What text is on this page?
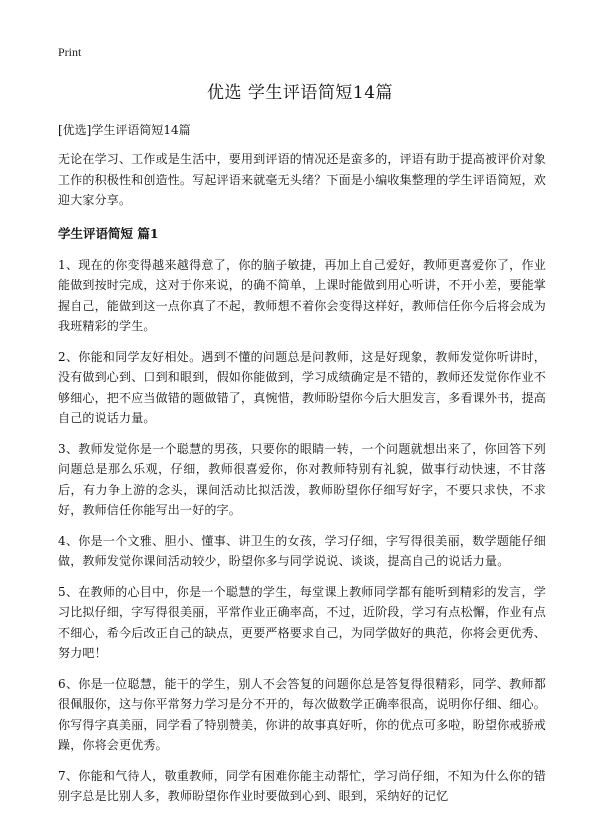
Print
优选 学生评语简短14篇

[优选]学生评语简短14篇

无论在学习、工作或是生活中，要用到评语的情况还是蛮多的，评语有助于提高被评价对象工作的积极性和创造性。写起评语来就毫无头绪？下面是小编收集整理的学生评语简短，欢迎大家分享。

学生评语简短 篇1

1、现在的你变得越来越得意了，你的脑子敏捷，再加上自己爱好，教师更喜爱你了，作业能做到按时完成，这对于你来说，的确不简单，上课时能做到用心听讲，不开小差，要能掌握自己，能做到这一点你真了不起，教师想不着你会变得这样好，教师信任你今后将会成为我班精彩的学生。

2、你能和同学友好相处。遇到不懂的问题总是问教师，这是好现象，教师发觉你听讲时，没有做到心到、口到和眼到，假如你能做到，学习成绩确定是不错的，教师还发觉你作业不够细心，把不应当做错的题做错了，真惋惜，教师盼望你今后大胆发言，多看课外书，提高自己的说话力量。

3、教师发觉你是一个聪慧的男孩，只要你的眼睛一转，一个问题就想出来了，你回答下列问题总是那么乐观，仔细，教师很喜爱你，你对教师特别有礼貌，做事行动快速，不甘落后，有力争上游的念头，课间活动比拟活泼，教师盼望你仔细写好字，不要只求快，不求好，教师信任你能写出一好的字。

4、你是一个文雅、胆小、懂事、讲卫生的女孩，学习仔细，字写得很美丽，数学题能仔细做，教师发觉你课间活动较少，盼望你多与同学说说、谈谈，提高自己的说话力量。

5、在教师的心目中，你是一个聪慧的学生，每堂课上教师同学都有能听到精彩的发言，学习比拟仔细，字写得很美丽，平常作业正确率高，不过，近阶段，学习有点松懈，作业有点不细心，希今后改正自己的缺点，更要严格要求自己，为同学做好的典范，你将会更优秀、努力吧！

6、你是一位聪慧，能干的学生，别人不会答复的问题你总是答复得很精彩，同学、教师都很佩服你，这与你平常努力学习是分不开的，每次做数学正确率很高，说明你仔细、细心。你写得字真美丽，同学看了特别赞美，你讲的故事真好听，你的优点可多啦，盼望你戒骄戒躁，你将会更优秀。

7、你能和气待人，敬重教师，同学有困难你能主动帮忙，学习尚仔细，不知为什么你的错别字总是比别人多，教师盼望你作业时要做到心到、眼到，采纳好的记忆
